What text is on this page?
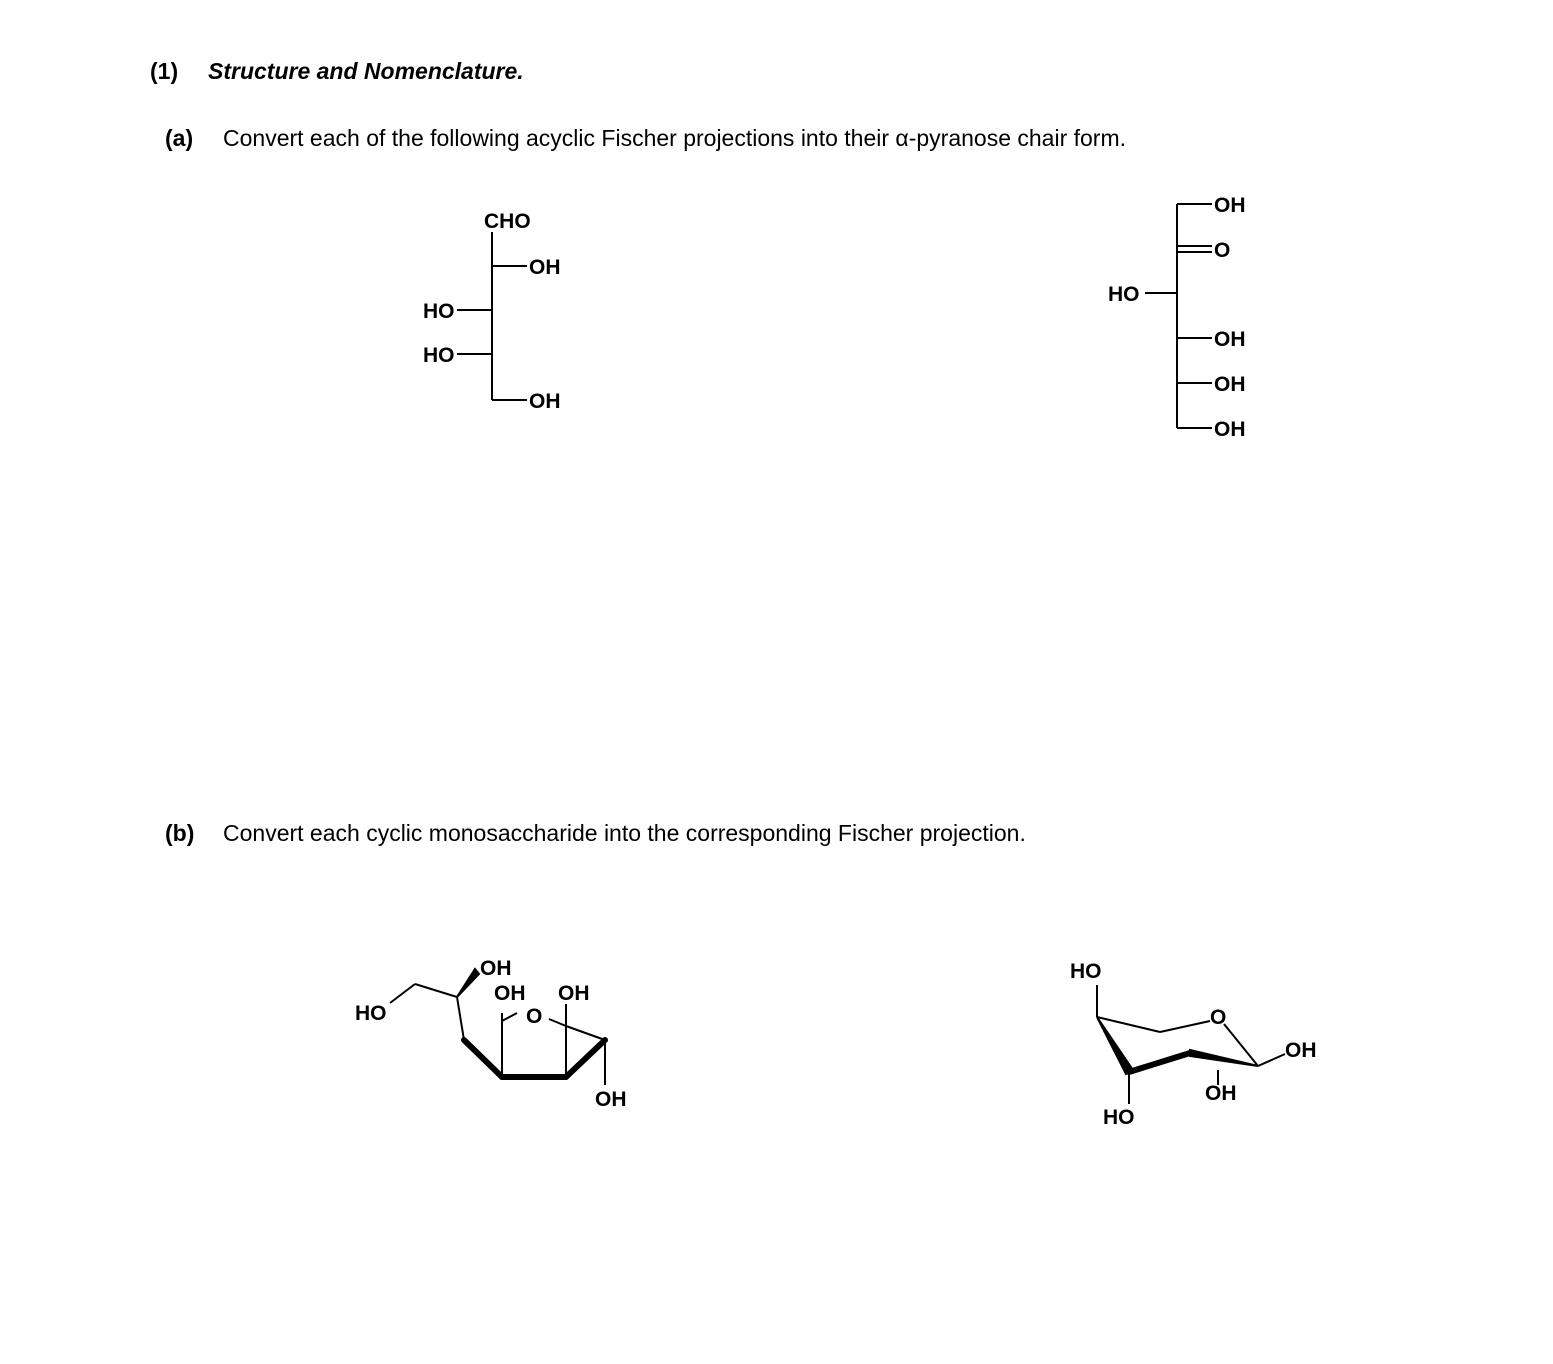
(1) Structure and Nomenclature.
(a) Convert each of the following acyclic Fischer projections into their α-pyranose chair form.
(b) Convert each cyclic monosaccharide into the corresponding Fischer projection.
CHO
OH
HO
HO
OH
OH
O
HO
OH
OH
OH
HO
OH
OH OH
O
OH
HO
O
OH
OH
HO
